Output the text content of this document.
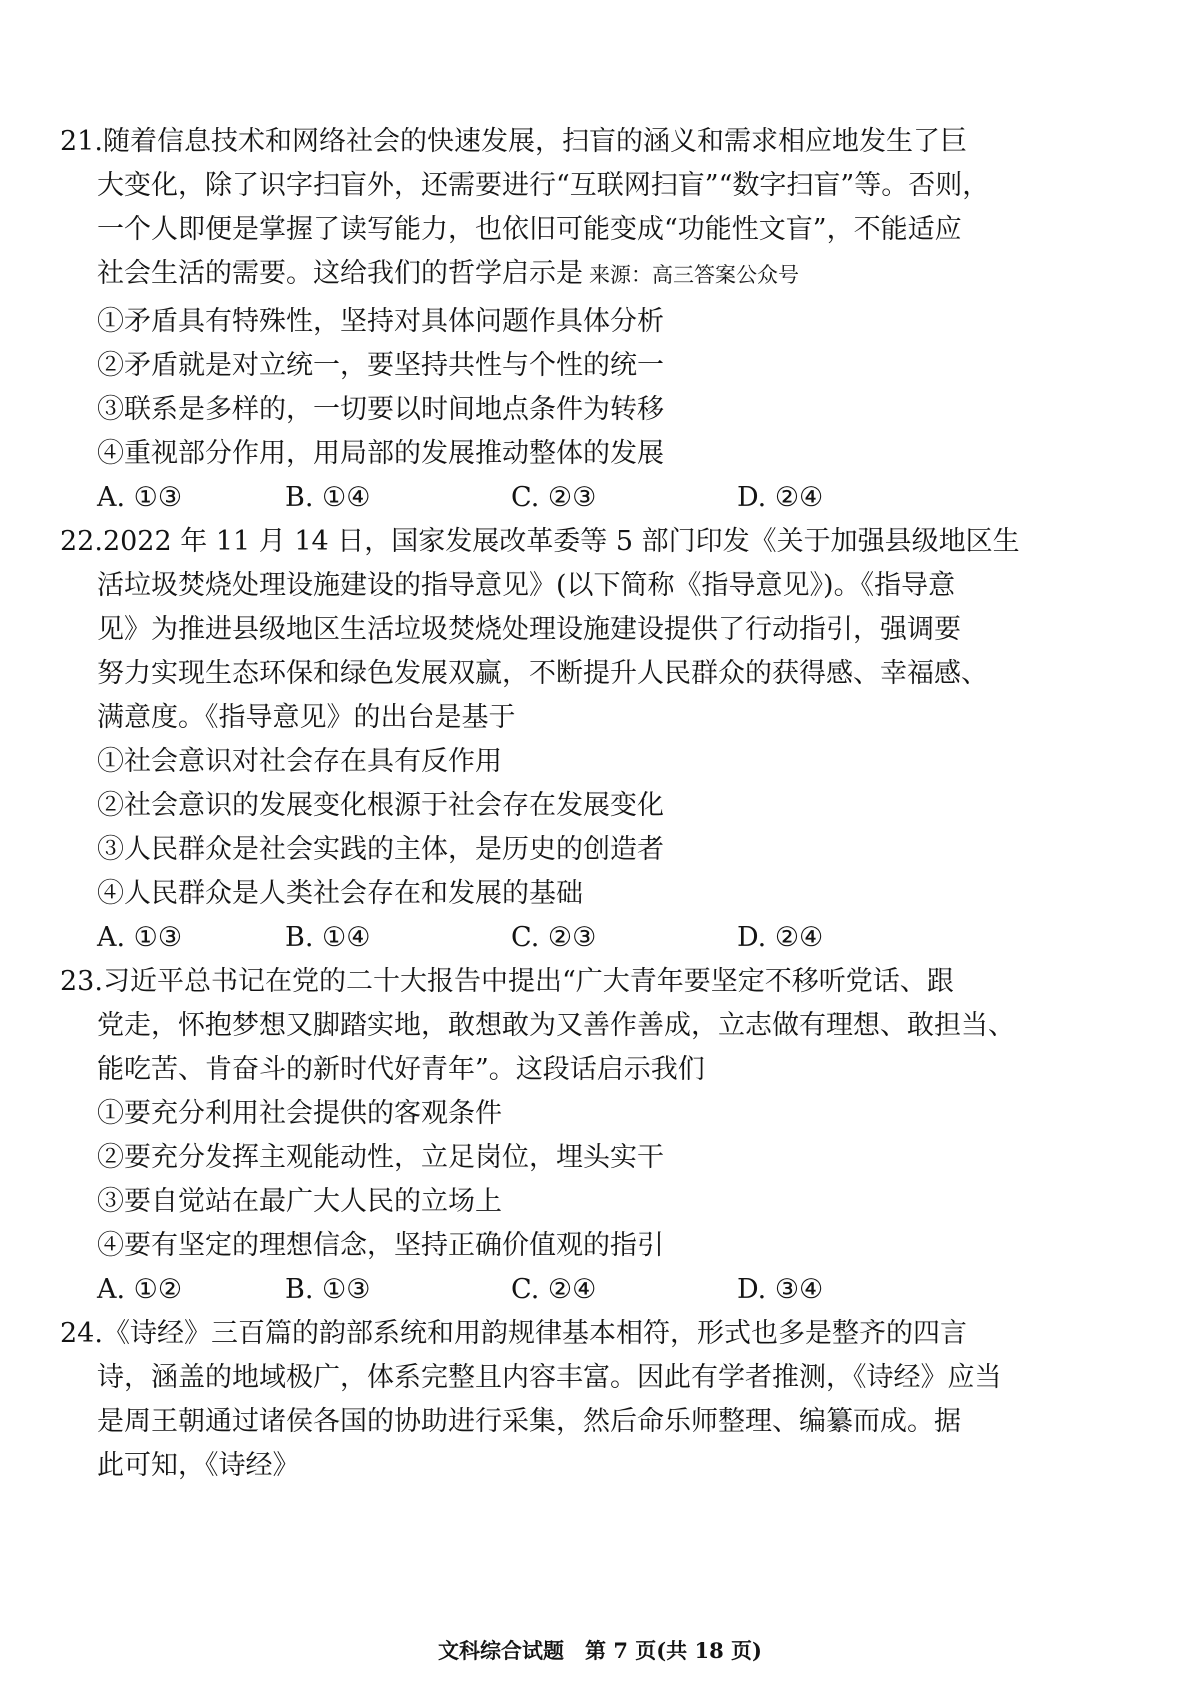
21.随着信息技术和网络社会的快速发展，扫盲的涵义和需求相应地发生了巨
大变化，除了识字扫盲外，还需要进行“互联网扫盲”“数字扫盲”等。否则，
一个人即便是掌握了读写能力，也依旧可能变成“功能性文盲”，不能适应
社会生活的需要。这给我们的哲学启示是 来源：高三答案公众号
①矛盾具有特殊性，坚持对具体问题作具体分析
②矛盾就是对立统一，要坚持共性与个性的统一
③联系是多样的，一切要以时间地点条件为转移
④重视部分作用，用局部的发展推动整体的发展
A. ①③	B. ①④	C. ②③	D. ②④
22.2022 年 11 月 14 日，国家发展改革委等 5 部门印发《关于加强县级地区生
活垃圾焚烧处理设施建设的指导意见》(以下简称《指导意见》)。《指导意
见》为推进县级地区生活垃圾焚烧处理设施建设提供了行动指引，强调要
努力实现生态环保和绿色发展双赢，不断提升人民群众的获得感、幸福感、
满意度。《指导意见》的出台是基于
①社会意识对社会存在具有反作用
②社会意识的发展变化根源于社会存在发展变化
③人民群众是社会实践的主体，是历史的创造者
④人民群众是人类社会存在和发展的基础
A. ①③	B. ①④	C. ②③	D. ②④
23.习近平总书记在党的二十大报告中提出“广大青年要坚定不移听党话、跟
党走，怀抱梦想又脚踏实地，敢想敢为又善作善成，立志做有理想、敢担当、
能吃苦、肯奋斗的新时代好青年”。这段话启示我们
①要充分利用社会提供的客观条件
②要充分发挥主观能动性，立足岗位，埋头实干
③要自觉站在最广大人民的立场上
④要有坚定的理想信念，坚持正确价值观的指引
A. ①②	B. ①③	C. ②④	D. ③④
24.《诗经》三百篇的韵部系统和用韵规律基本相符，形式也多是整齐的四言
诗，涵盖的地域极广，体系完整且内容丰富。因此有学者推测，《诗经》应当
是周王朝通过诸侯各国的协助进行采集，然后命乐师整理、编纂而成。据
此可知，《诗经》
文科综合试题　第 7 页(共 18 页)
